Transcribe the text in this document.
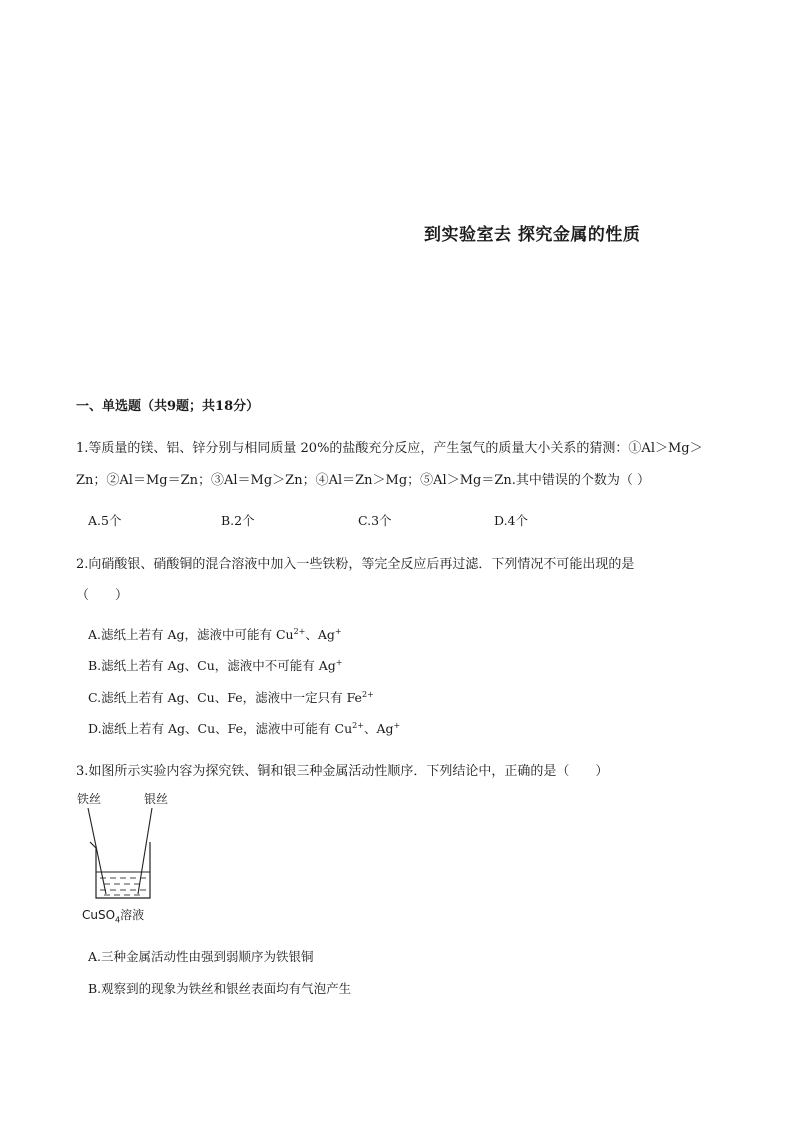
到实验室去 探究金属的性质
一、单选题（共9题；共18分）
1.等质量的镁、铝、锌分别与相同质量 20%的盐酸充分反应，产生氢气的质量大小关系的猜测：①Al＞Mg＞
Zn；②Al＝Mg＝Zn；③Al＝Mg＞Zn；④Al＝Zn＞Mg；⑤Al＞Mg＝Zn.其中错误的个数为（ ）
A.5个	B.2个	C.3个	D.4个
2.向硝酸银、硝酸铜的混合溶液中加入一些铁粉，等完全反应后再过滤．下列情况不可能出现的是
（　　）
A.滤纸上若有 Ag，滤液中可能有 $Cu^{2+}$、Ag+
B.滤纸上若有 Ag、Cu，滤液中不可能有 Ag+
C.滤纸上若有 Ag、Cu、Fe，滤液中一定只有 $Fe^{2+}$
D.滤纸上若有 Ag、Cu、Fe，滤液中可能有 $Cu^{2+}$、Ag+
3.如图所示实验内容为探究铁、铜和银三种金属活动性顺序．下列结论中，正确的是（　　）
铁丝	银丝
CuSO$_4$溶液
A.三种金属活动性由强到弱顺序为铁银铜
B.观察到的现象为铁丝和银丝表面均有气泡产生
